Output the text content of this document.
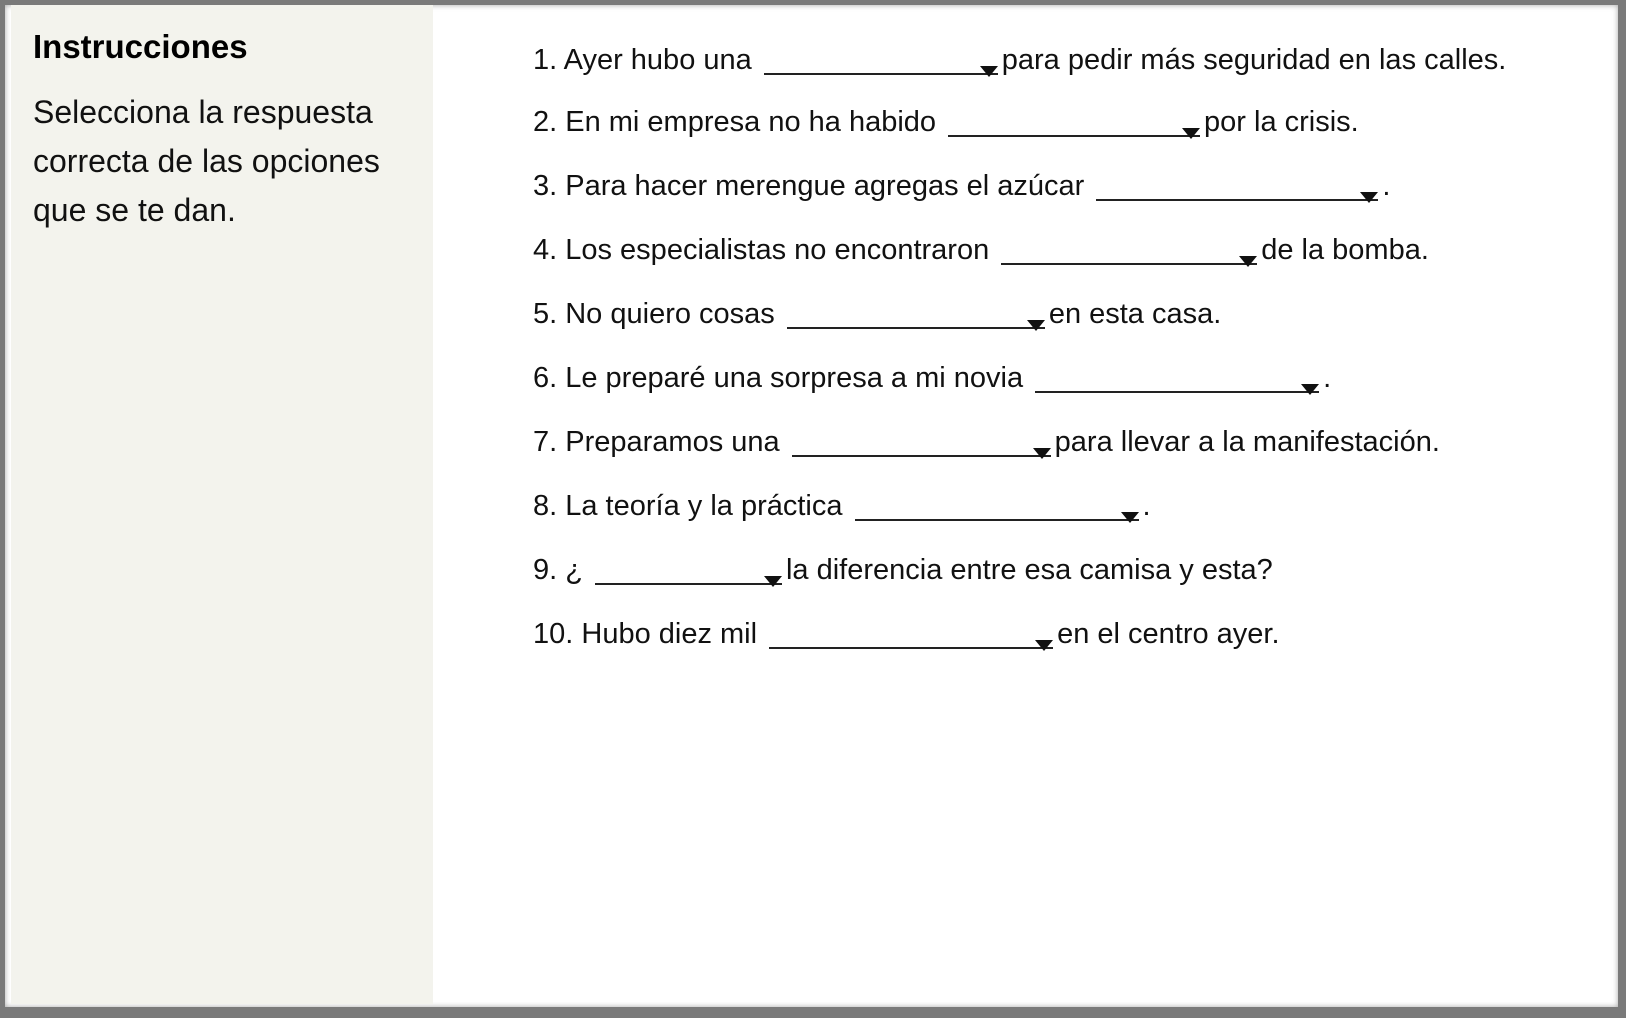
Instrucciones

Selecciona la respuesta correcta de las opciones que se te dan.

1. Ayer hubo una	para pedir más seguridad en las calles.

2. En mi empresa no ha habido	por la crisis.

3. Para hacer merengue agregas el azúcar	.

4. Los especialistas no encontraron	de la bomba.

5. No quiero cosas	en esta casa.

6. Le preparé una sorpresa a mi novia	.

7. Preparamos una	para llevar a la manifestación.

8. La teoría y la práctica	.

9. ¿	la diferencia entre esa camisa y esta?

10. Hubo diez mil	en el centro ayer.
